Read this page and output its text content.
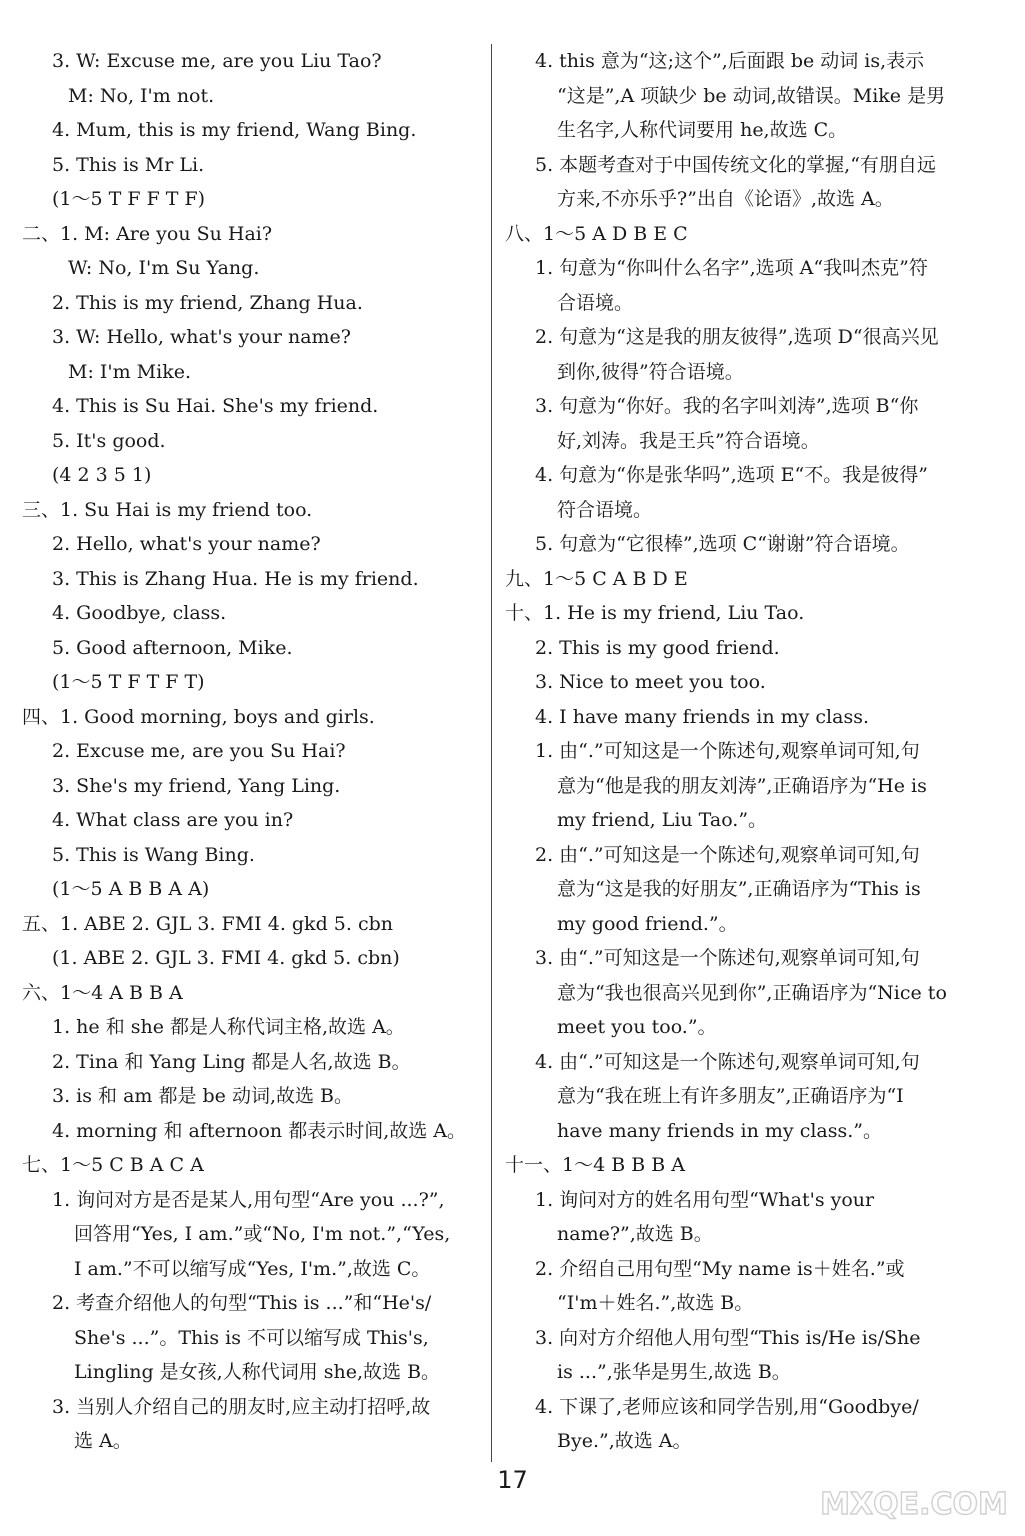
3. W: Excuse me, are you Liu Tao?
M: No, I'm not.
4. Mum, this is my friend, Wang Bing.
5. This is Mr Li.
(1～5 T F F T F)
二、1. M: Are you Su Hai?
W: No, I'm Su Yang.
2. This is my friend, Zhang Hua.
3. W: Hello, what's your name?
M: I'm Mike.
4. This is Su Hai. She's my friend.
5. It's good.
(4 2 3 5 1)
三、1. Su Hai is my friend too.
2. Hello, what's your name?
3. This is Zhang Hua. He is my friend.
4. Goodbye, class.
5. Good afternoon, Mike.
(1～5 T F T F T)
四、1. Good morning, boys and girls.
2. Excuse me, are you Su Hai?
3. She's my friend, Yang Ling.
4. What class are you in?
5. This is Wang Bing.
(1～5 A B B A A)
五、1. ABE 2. GJL 3. FMI 4. gkd 5. cbn
(1. ABE 2. GJL 3. FMI 4. gkd 5. cbn)
六、1～4 A B B A
1. he 和 she 都是人称代词主格,故选 A。
2. Tina 和 Yang Ling 都是人名,故选 B。
3. is 和 am 都是 be 动词,故选 B。
4. morning 和 afternoon 都表示时间,故选 A。
七、1～5 C B A C A
1. 询问对方是否是某人,用句型“Are you ...?”,
回答用“Yes, I am.”或“No, I'm not.”,“Yes,
I am.”不可以缩写成“Yes, I'm.”,故选 C。
2. 考查介绍他人的句型“This is ...”和“He's/
She's ...”。This is 不可以缩写成 This's,
Lingling 是女孩,人称代词用 she,故选 B。
3. 当别人介绍自己的朋友时,应主动打招呼,故
选 A。
4. this 意为“这;这个”,后面跟 be 动词 is,表示
“这是”,A 项缺少 be 动词,故错误。Mike 是男
生名字,人称代词要用 he,故选 C。
5. 本题考查对于中国传统文化的掌握,“有朋自远
方来,不亦乐乎?”出自《论语》,故选 A。
八、1～5 A D B E C
1. 句意为“你叫什么名字”,选项 A“我叫杰克”符
合语境。
2. 句意为“这是我的朋友彼得”,选项 D“很高兴见
到你,彼得”符合语境。
3. 句意为“你好。我的名字叫刘涛”,选项 B“你
好,刘涛。我是王兵”符合语境。
4. 句意为“你是张华吗”,选项 E“不。我是彼得”
符合语境。
5. 句意为“它很棒”,选项 C“谢谢”符合语境。
九、1～5 C A B D E
十、1. He is my friend, Liu Tao.
2. This is my good friend.
3. Nice to meet you too.
4. I have many friends in my class.
1. 由“.”可知这是一个陈述句,观察单词可知,句
意为“他是我的朋友刘涛”,正确语序为“He is
my friend, Liu Tao.”。
2. 由“.”可知这是一个陈述句,观察单词可知,句
意为“这是我的好朋友”,正确语序为“This is
my good friend.”。
3. 由“.”可知这是一个陈述句,观察单词可知,句
意为“我也很高兴见到你”,正确语序为“Nice to
meet you too.”。
4. 由“.”可知这是一个陈述句,观察单词可知,句
意为“我在班上有许多朋友”,正确语序为“I
have many friends in my class.”。
十一、1～4 B B B A
1. 询问对方的姓名用句型“What's your
name?”,故选 B。
2. 介绍自己用句型“My name is＋姓名.”或
“I'm＋姓名.”,故选 B。
3. 向对方介绍他人用句型“This is/He is/She
is ...”,张华是男生,故选 B。
4. 下课了,老师应该和同学告别,用“Goodbye/
Bye.”,故选 A。
17
MXQE.COM
